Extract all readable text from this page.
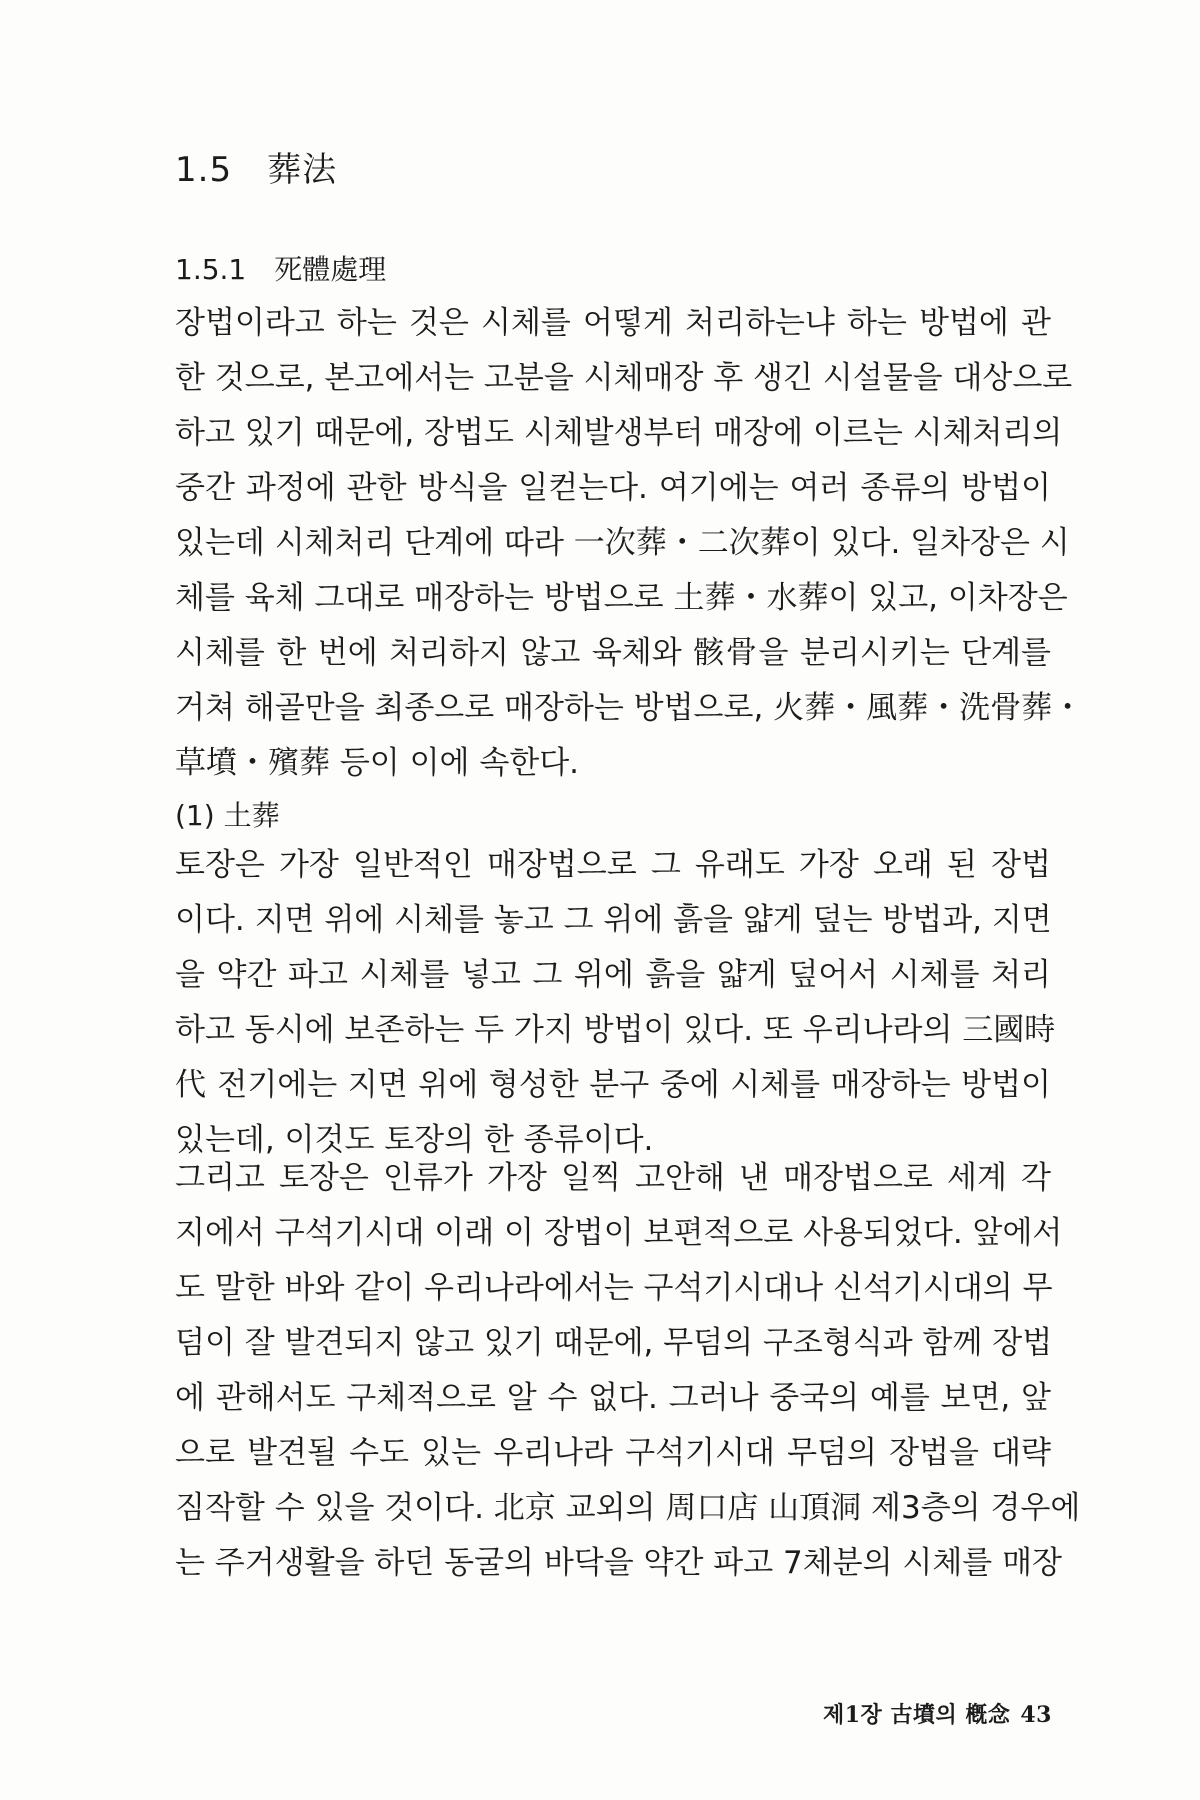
1.5　葬法
1.5.1　死體處理
장법이라고 하는 것은 시체를 어떻게 처리하는냐 하는 방법에 관
한 것으로, 본고에서는 고분을 시체매장 후 생긴 시설물을 대상으로
하고 있기 때문에, 장법도 시체발생부터 매장에 이르는 시체처리의
중간 과정에 관한 방식을 일컫는다. 여기에는 여러 종류의 방법이
있는데 시체처리 단계에 따라 一次葬・二次葬이 있다. 일차장은 시
체를 육체 그대로 매장하는 방법으로 土葬・水葬이 있고, 이차장은
시체를 한 번에 처리하지 않고 육체와 骸骨을 분리시키는 단계를
거쳐 해골만을 최종으로 매장하는 방법으로, 火葬・風葬・洗骨葬・
草墳・殯葬 등이 이에 속한다.
(1) 土葬
토장은 가장 일반적인 매장법으로 그 유래도 가장 오래 된 장법
이다. 지면 위에 시체를 놓고 그 위에 흙을 얇게 덮는 방법과, 지면
을 약간 파고 시체를 넣고 그 위에 흙을 얇게 덮어서 시체를 처리
하고 동시에 보존하는 두 가지 방법이 있다. 또 우리나라의 三國時
代 전기에는 지면 위에 형성한 분구 중에 시체를 매장하는 방법이
있는데, 이것도 토장의 한 종류이다.
그리고 토장은 인류가 가장 일찍 고안해 낸 매장법으로 세계 각
지에서 구석기시대 이래 이 장법이 보편적으로 사용되었다. 앞에서
도 말한 바와 같이 우리나라에서는 구석기시대나 신석기시대의 무
덤이 잘 발견되지 않고 있기 때문에, 무덤의 구조형식과 함께 장법
에 관해서도 구체적으로 알 수 없다. 그러나 중국의 예를 보면, 앞
으로 발견될 수도 있는 우리나라 구석기시대 무덤의 장법을 대략
짐작할 수 있을 것이다. 北京 교외의 周口店 山頂洞 제3층의 경우에
는 주거생활을 하던 동굴의 바닥을 약간 파고 7체분의 시체를 매장
제1장 古墳의 槪念 43
